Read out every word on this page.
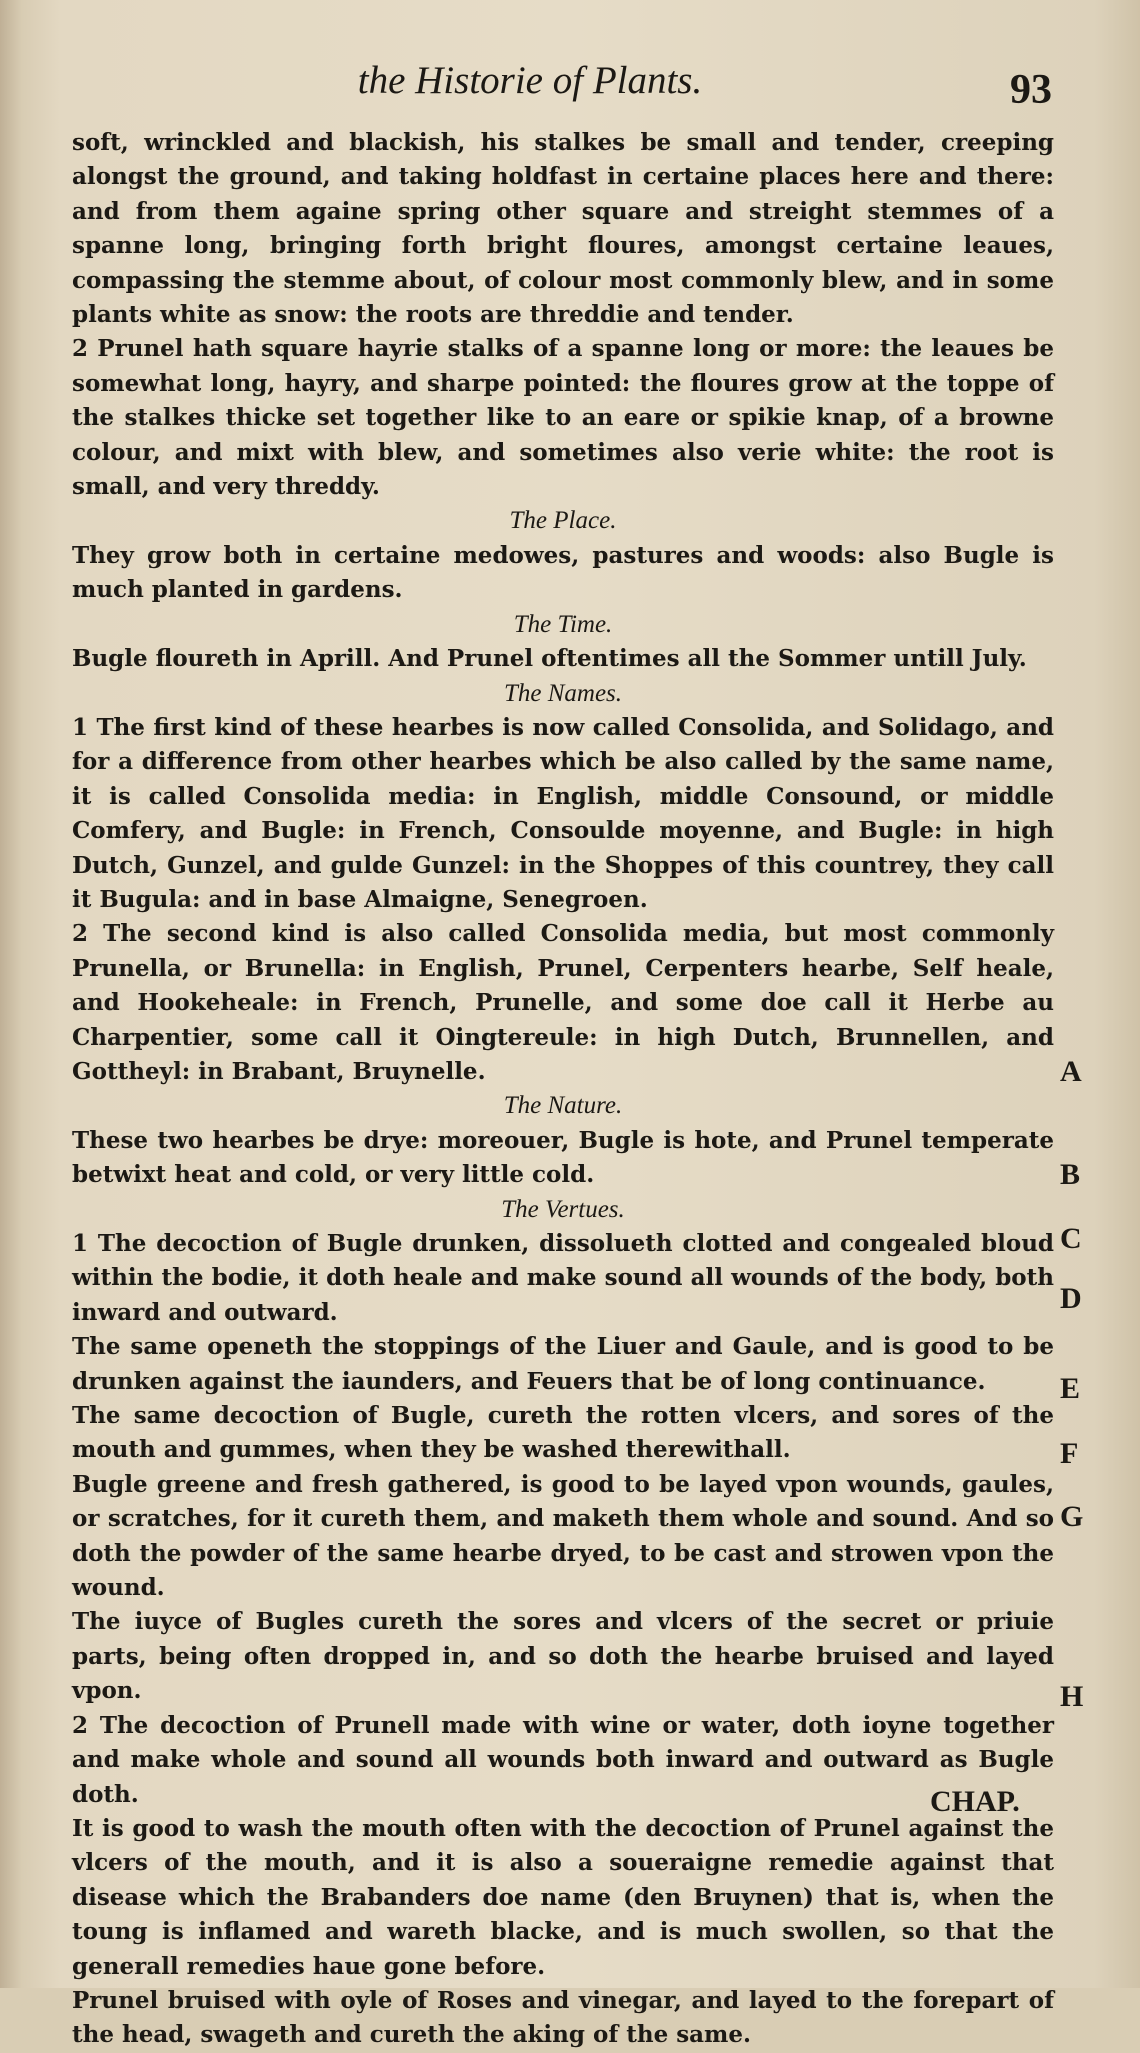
the Historie of Plants.	93

soft, wrinckled and blackish, his stalkes be small and tender, creeping alongst the ground, and taking holdfast in certaine places here and there: and from them againe spring other square and streight stemmes of a spanne long, bringing forth bright floures, amongst certaine leaues, compassing the stemme about, of colour most commonly blew, and in some plants white as snow: the roots are threddie and tender.

2 Prunel hath square hayrie stalks of a spanne long or more: the leaues be somewhat long, hayry, and sharpe pointed: the floures grow at the toppe of the stalkes thicke set together like to an eare or spikie knap, of a browne colour, and mixt with blew, and sometimes also verie white: the root is small, and very threddy.

The Place.

They grow both in certaine medowes, pastures and woods: also Bugle is much planted in gardens.

The Time.

Bugle floureth in Aprill. And Prunel oftentimes all the Sommer untill July.

The Names.

1 The first kind of these hearbes is now called Consolida, and Solidago, and for a difference from other hearbes which be also called by the same name, it is called Consolida media: in English, middle Consound, or middle Comfery, and Bugle: in French, Consoulde moyenne, and Bugle: in high Dutch, Gunzel, and gulde Gunzel: in the Shoppes of this countrey, they call it Bugula: and in base Almaigne, Senegroen.

2 The second kind is also called Consolida media, but most commonly Prunella, or Brunella: in English, Prunel, Cerpenters hearbe, Self heale, and Hookeheale: in French, Prunelle, and some doe call it Herbe au Charpentier, some call it Oingtereule: in high Dutch, Brunnellen, and Gottheyl: in Brabant, Bruynelle.

The Nature.

These two hearbes be drye: moreouer, Bugle is hote, and Prunel temperate betwixt heat and cold, or very little cold.

The Vertues.

1 The decoction of Bugle drunken, dissolueth clotted and congealed bloud within the bodie, it doth heale and make sound all wounds of the body, both inward and outward.

The same openeth the stoppings of the Liuer and Gaule, and is good to be drunken against the iaunders, and Feuers that be of long continuance.

The same decoction of Bugle, cureth the rotten vlcers, and sores of the mouth and gummes, when they be washed therewithall.

Bugle greene and fresh gathered, is good to be layed vpon wounds, gaules, or scratches, for it cureth them, and maketh them whole and sound. And so doth the powder of the same hearbe dryed, to be cast and strowen vpon the wound.

The iuyce of Bugles cureth the sores and vlcers of the secret or priuie parts, being often dropped in, and so doth the hearbe bruised and layed vpon.

2 The decoction of Prunell made with wine or water, doth ioyne together and make whole and sound all wounds both inward and outward as Bugle doth.

It is good to wash the mouth often with the decoction of Prunel against the vlcers of the mouth, and it is also a soueraigne remedie against that disease which the Brabanders doe name (den Bruynen) that is, when the toung is inflamed and wareth blacke, and is much swollen, so that the generall remedies haue gone before.

Prunel bruised with oyle of Roses and vinegar, and layed to the forepart of the head, swageth and cureth the aking of the same.

A
B
C
D
E
F
G
H
CHAP.
